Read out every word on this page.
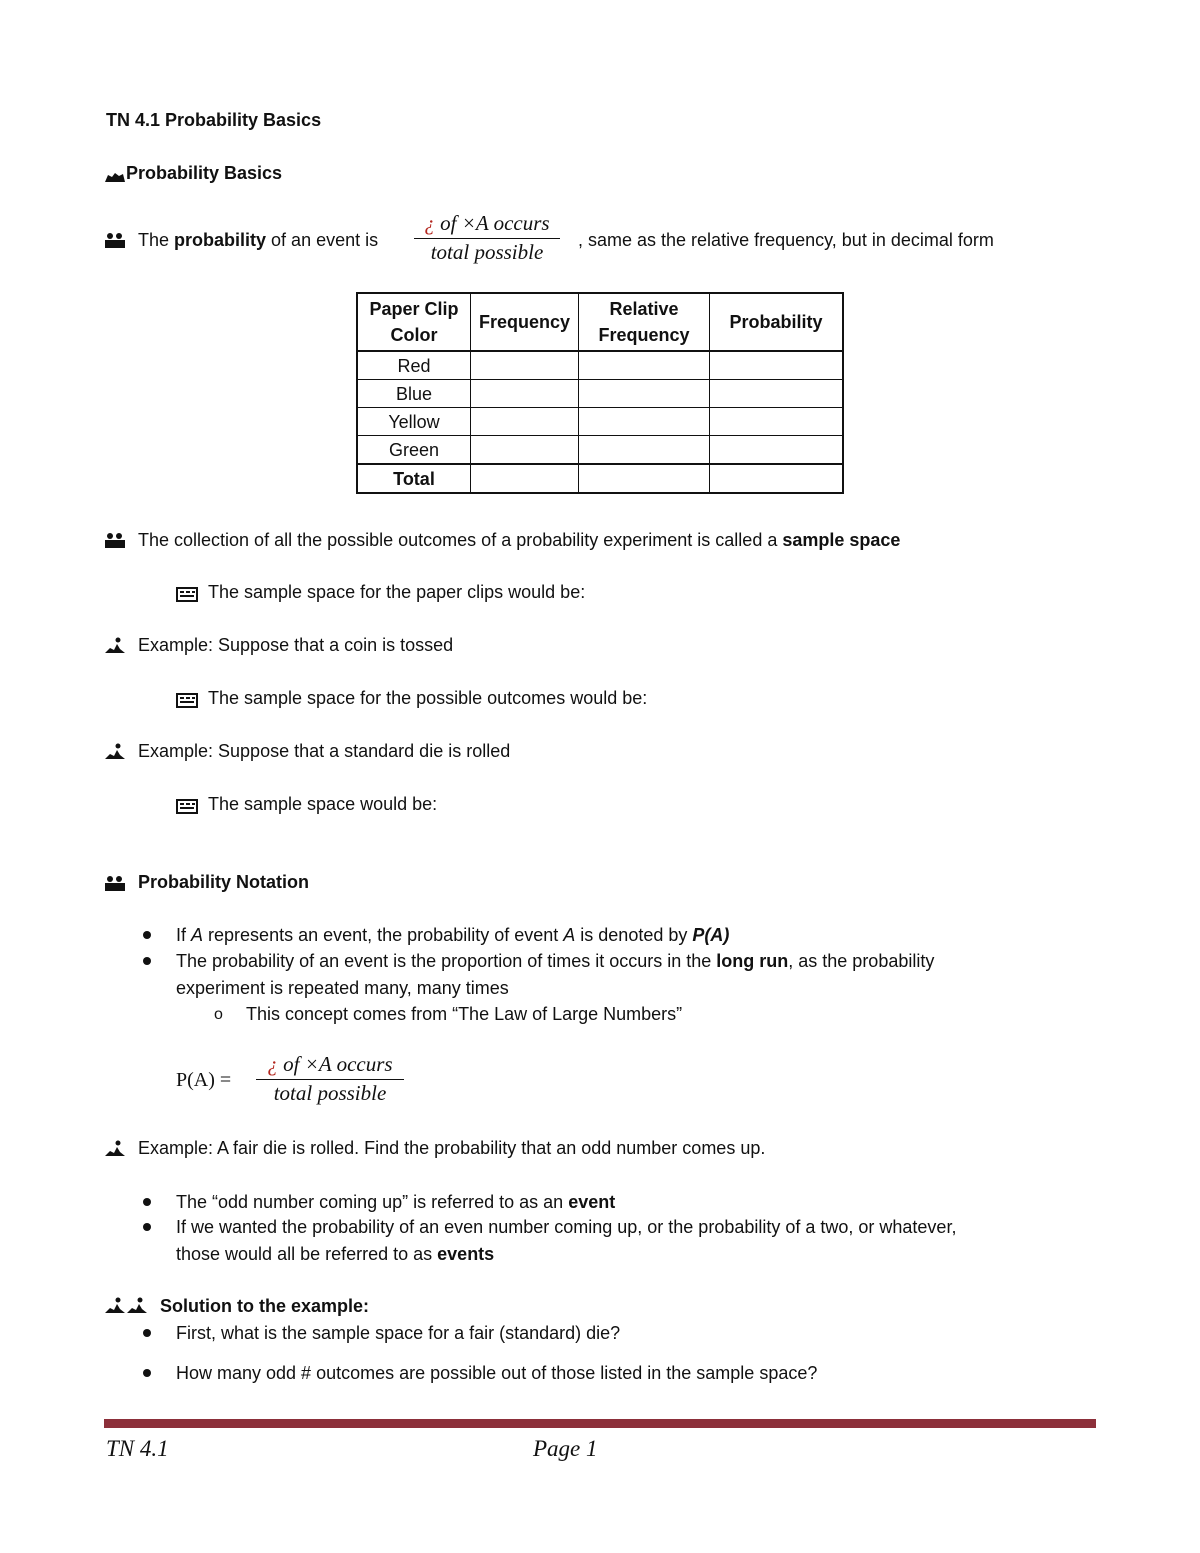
TN 4.1 Probability Basics
Probability Basics
The probability of an event is
¿ of ×A occurs
total possible	, same as the relative frequency, but in decimal form
Paper Clip Color	Frequency	Relative Frequency	Probability
Red			
Blue			
Yellow			
Green			
Total			
The collection of all the possible outcomes of a probability experiment is called a sample space
The sample space for the paper clips would be:
Example: Suppose that a coin is tossed
The sample space for the possible outcomes would be:
Example: Suppose that a standard die is rolled
The sample space would be:
Probability Notation
If A represents an event, the probability of event A is denoted by P(A)
The probability of an event is the proportion of times it occurs in the long run, as the probability
experiment is repeated many, many times
o This concept comes from “The Law of Large Numbers”
P(A) =
¿ of ×A occurs
total possible
Example: A fair die is rolled. Find the probability that an odd number comes up.
The “odd number coming up” is referred to as an event
If we wanted the probability of an even number coming up, or the probability of a two, or whatever,
those would all be referred to as events
Solution to the example:
First, what is the sample space for a fair (standard) die?
How many odd # outcomes are possible out of those listed in the sample space?
TN 4.1	Page 1
